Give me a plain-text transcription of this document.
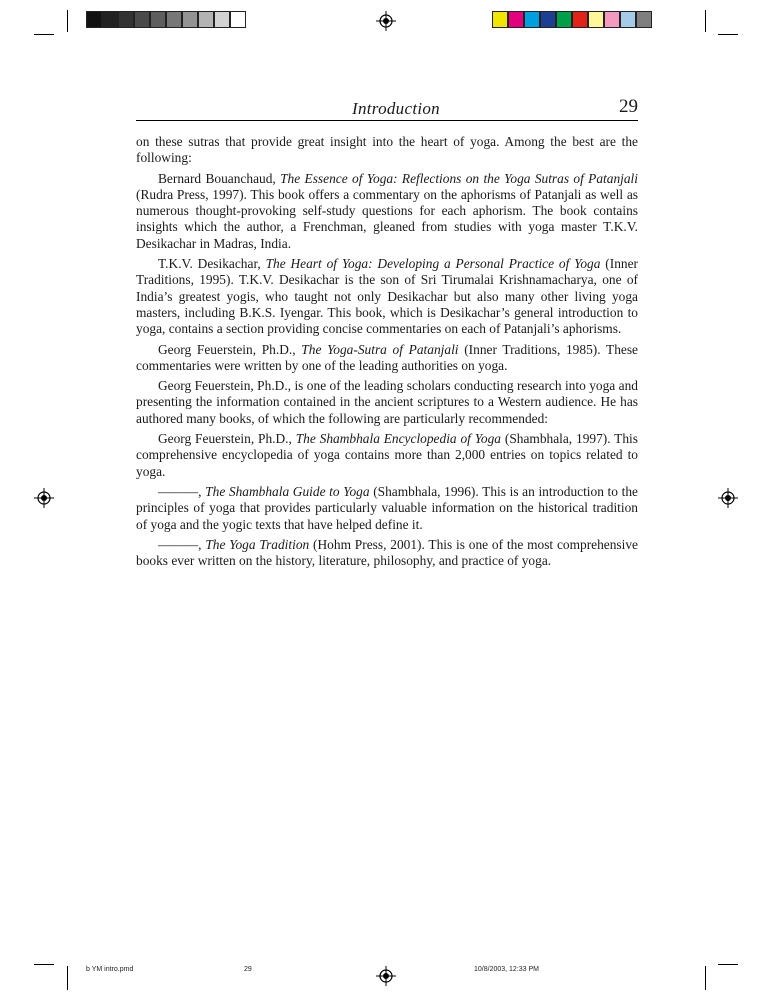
Introduction	29

on these sutras that provide great insight into the heart of yoga. Among the best are the following:

Bernard Bouanchaud, The Essence of Yoga: Reflections on the Yoga Sutras of Patanjali (Rudra Press, 1997). This book offers a commentary on the aphorisms of Patanjali as well as numerous thought-provoking self-study questions for each aphorism. The book contains insights which the author, a Frenchman, gleaned from studies with yoga master T.K.V. Desikachar in Madras, India.

T.K.V. Desikachar, The Heart of Yoga: Developing a Personal Practice of Yoga (Inner Traditions, 1995). T.K.V. Desikachar is the son of Sri Tirumalai Krishnamacharya, one of India’s greatest yogis, who taught not only Desikachar but also many other living yoga masters, including B.K.S. Iyengar. This book, which is Desikachar’s general introduction to yoga, contains a section providing concise commentaries on each of Patanjali’s aphorisms.

Georg Feuerstein, Ph.D., The Yoga-Sutra of Patanjali (Inner Traditions, 1985). These commentaries were written by one of the leading authorities on yoga.

Georg Feuerstein, Ph.D., is one of the leading scholars conducting research into yoga and presenting the information contained in the ancient scriptures to a Western audience. He has authored many books, of which the following are particularly recommended:

Georg Feuerstein, Ph.D., The Shambhala Encyclopedia of Yoga (Shambhala, 1997). This comprehensive encyclopedia of yoga contains more than 2,000 entries on topics related to yoga.

———, The Shambhala Guide to Yoga (Shambhala, 1996). This is an introduction to the principles of yoga that provides particularly valuable information on the historical tradition of yoga and the yogic texts that have helped define it.

———, The Yoga Tradition (Hohm Press, 2001). This is one of the most comprehensive books ever written on the history, literature, philosophy, and practice of yoga.

b YM intro.pmd	29	10/8/2003, 12:33 PM
